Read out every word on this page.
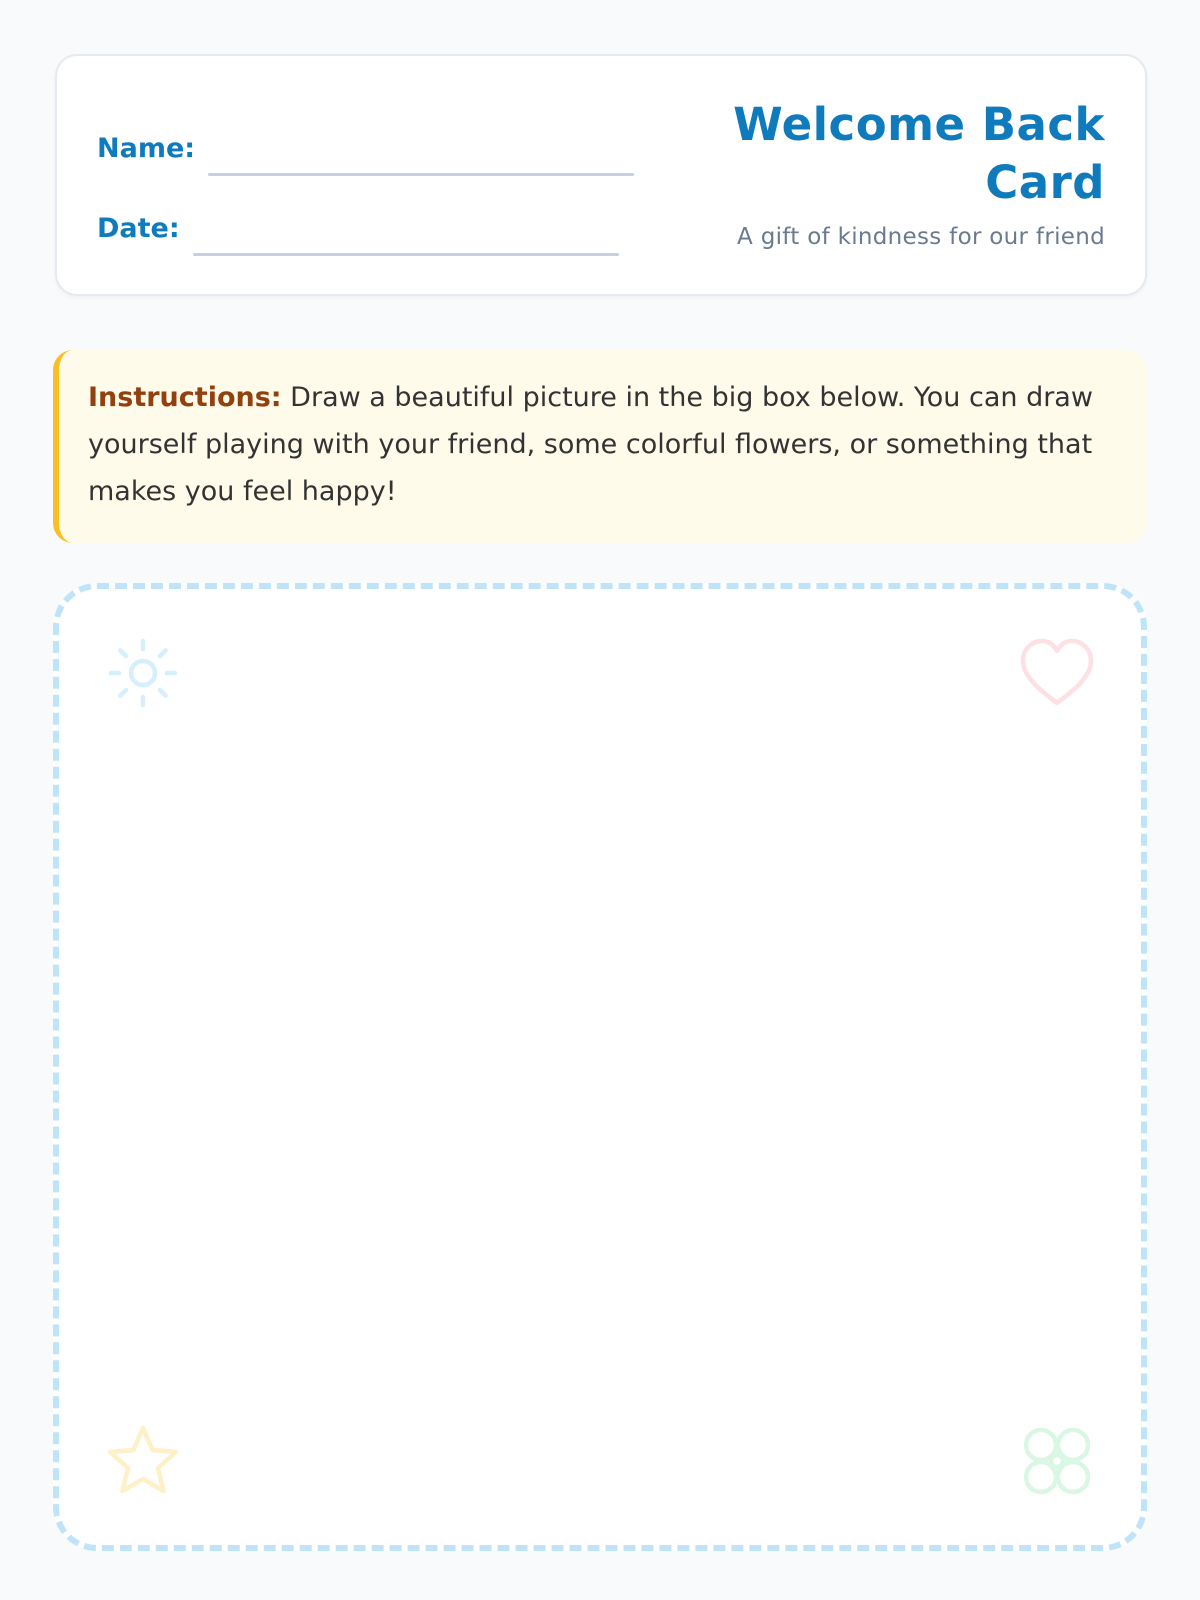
Name:
Date:
Welcome Back Card
A gift of kindness for our friend

Instructions: Draw a beautiful picture in the big box below. You can draw yourself playing with your friend, some colorful flowers, or something that makes you feel happy!
